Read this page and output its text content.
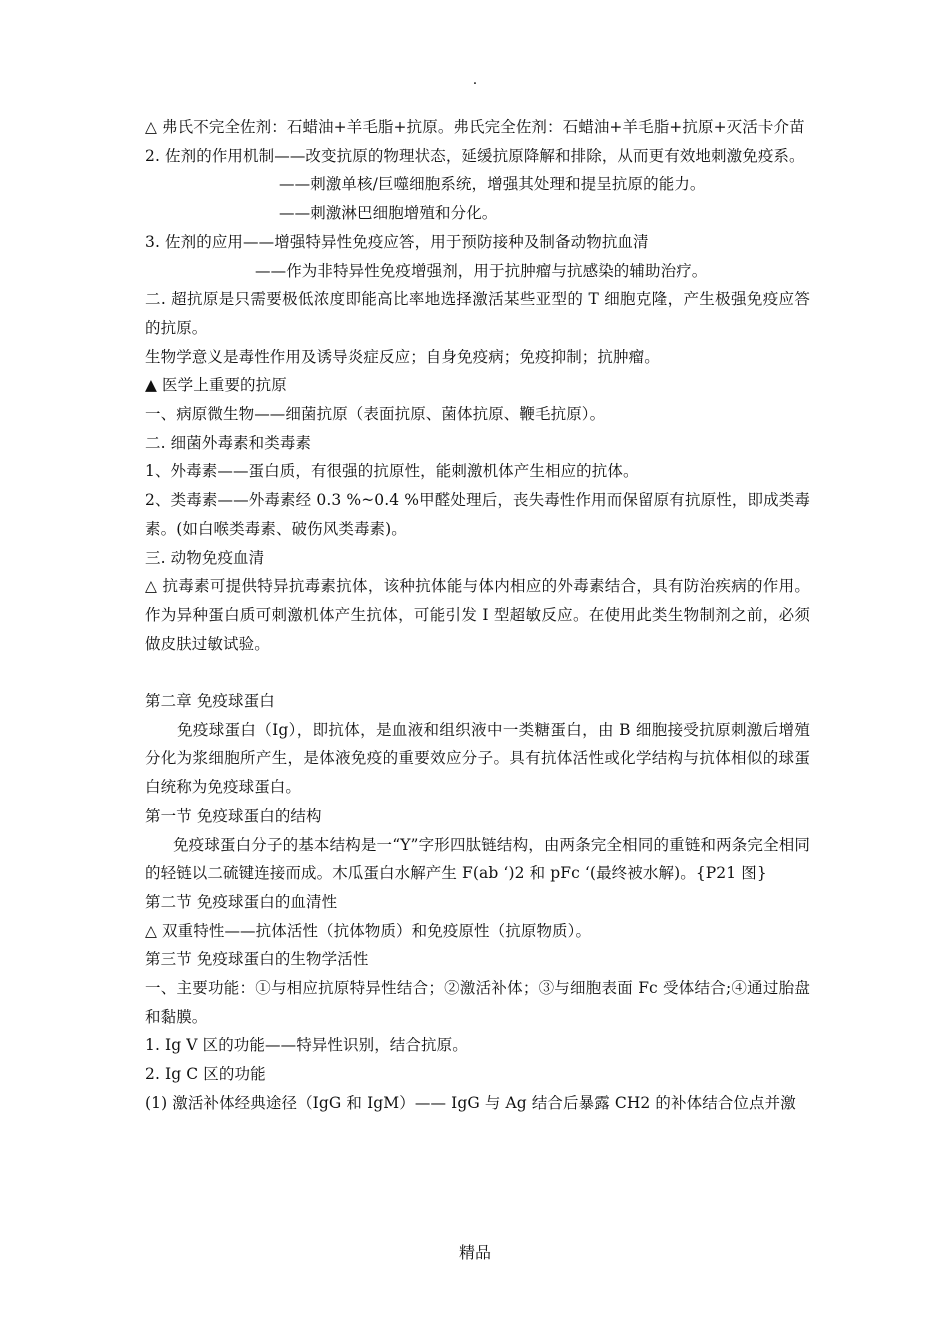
.

△ 弗氏不完全佐剂：石蜡油+羊毛脂+抗原。弗氏完全佐剂：石蜡油+羊毛脂+抗原+灭活卡介苗

2. 佐剂的作用机制——改变抗原的物理状态，延缓抗原降解和排除，从而更有效地刺激免疫系。

——刺激单核/巨噬细胞系统，增强其处理和提呈抗原的能力。

——刺激淋巴细胞增殖和分化。

3. 佐剂的应用——增强特异性免疫应答，用于预防接种及制备动物抗血清

——作为非特异性免疫增强剂，用于抗肿瘤与抗感染的辅助治疗。

二. 超抗原是只需要极低浓度即能高比率地选择激活某些亚型的 T 细胞克隆，产生极强免疫应答的抗原。

生物学意义是毒性作用及诱导炎症反应；自身免疫病；免疫抑制；抗肿瘤。

▲ 医学上重要的抗原

一、病原微生物——细菌抗原（表面抗原、菌体抗原、鞭毛抗原）。

二. 细菌外毒素和类毒素

1、外毒素——蛋白质，有很强的抗原性，能刺激机体产生相应的抗体。

2、类毒素——外毒素经 0.3 %~0.4 %甲醛处理后，丧失毒性作用而保留原有抗原性，即成类毒素。(如白喉类毒素、破伤风类毒素)。

三. 动物免疫血清

△ 抗毒素可提供特异抗毒素抗体，该种抗体能与体内相应的外毒素结合，具有防治疾病的作用。作为异种蛋白质可刺激机体产生抗体，可能引发 I 型超敏反应。在使用此类生物制剂之前，必须做皮肤过敏试验。

第二章 免疫球蛋白

免疫球蛋白（Ig），即抗体，是血液和组织液中一类糖蛋白，由 B 细胞接受抗原刺激后增殖分化为浆细胞所产生，是体液免疫的重要效应分子。具有抗体活性或化学结构与抗体相似的球蛋白统称为免疫球蛋白。

第一节 免疫球蛋白的结构

免疫球蛋白分子的基本结构是一“Y”字形四肽链结构，由两条完全相同的重链和两条完全相同的轻链以二硫键连接而成。木瓜蛋白水解产生 F(ab ‘)2 和 pFc ‘(最终被水解)。{P21 图}

第二节 免疫球蛋白的血清性

△ 双重特性——抗体活性（抗体物质）和免疫原性（抗原物质）。

第三节 免疫球蛋白的生物学活性

一、主要功能：①与相应抗原特异性结合；②激活补体；③与细胞表面 Fc 受体结合;④通过胎盘和黏膜。

1. Ig V 区的功能——特异性识别，结合抗原。

2. Ig C 区的功能

(1) 激活补体经典途径（IgG 和 IgM）—— IgG 与 Ag 结合后暴露 CH2 的补体结合位点并激

精品
